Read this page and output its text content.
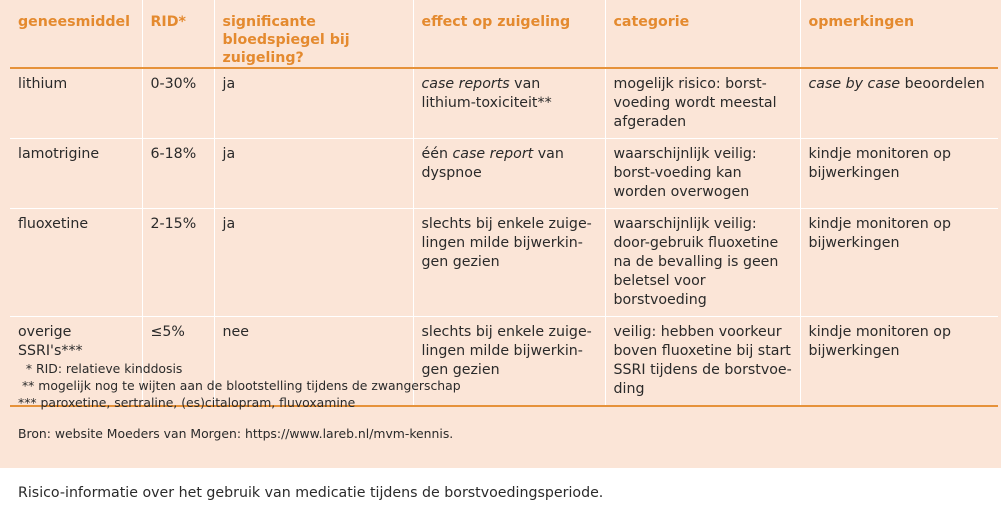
geneesmiddel	RID*	significante bloedspiegel bij zuigeling?	effect op zuigeling	categorie	opmerkingen
lithium	0-30%	ja	case reports van lithium-toxiciteit**	mogelijk risico: borst-voeding wordt meestal afgeraden	case by case beoordelen
lamotrigine	6-18%	ja	één case report van dyspnoe	waarschijnlijk veilig: borst-voeding kan worden overwogen	kindje monitoren op bijwerkingen
fluoxetine	2-15%	ja	slechts bij enkele zuige-lingen milde bijwerkin-gen gezien	waarschijnlijk veilig: door-gebruik fluoxetine na de bevalling is geen beletsel voor borstvoeding	kindje monitoren op bijwerkingen
overige SSRI's***	≤5%	nee	slechts bij enkele zuige-lingen milde bijwerkin-gen gezien	veilig: hebben voorkeur boven fluoxetine bij start SSRI tijdens de borstvoe-ding	kindje monitoren op bijwerkingen
* RID: relatieve kinddosis
** mogelijk nog te wijten aan de blootstelling tijdens de zwangerschap
*** paroxetine, sertraline, (es)citalopram, fluvoxamine
Bron: website Moeders van Morgen: https://www.lareb.nl/mvm-kennis.
Risico-informatie over het gebruik van medicatie tijdens de borstvoedingsperiode.
